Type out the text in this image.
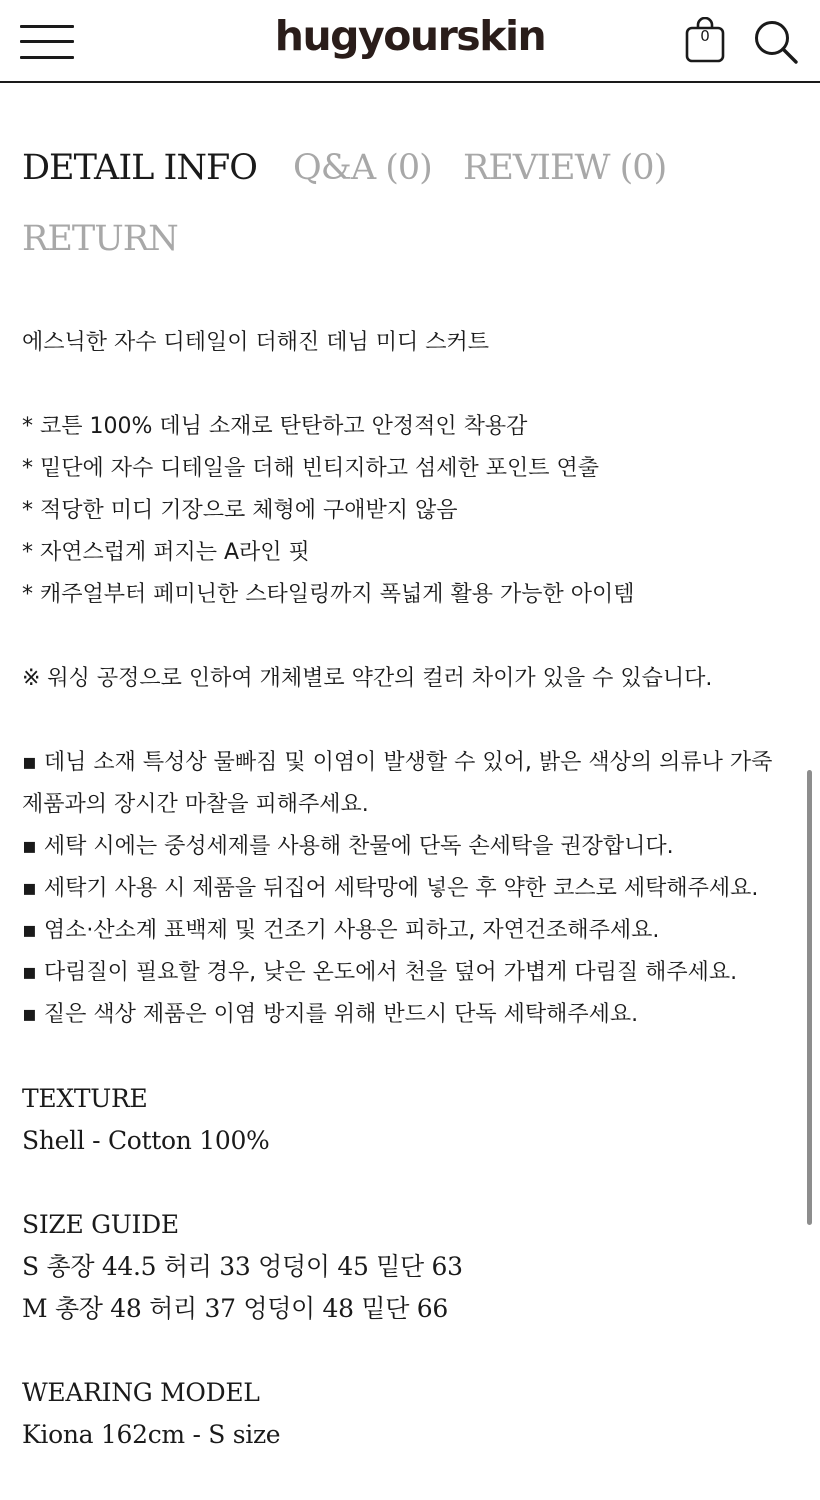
hugyourskin	0
DETAIL INFO Q&A (0) REVIEW (0)
RETURN
에스닉한 자수 디테일이 더해진 데님 미디 스커트
* 코튼 100% 데님 소재로 탄탄하고 안정적인 착용감
* 밑단에 자수 디테일을 더해 빈티지하고 섬세한 포인트 연출
* 적당한 미디 기장으로 체형에 구애받지 않음
* 자연스럽게 퍼지는 A라인 핏
* 캐주얼부터 페미닌한 스타일링까지 폭넓게 활용 가능한 아이템
※ 워싱 공정으로 인하여 개체별로 약간의 컬러 차이가 있을 수 있습니다.
▪ 데님 소재 특성상 물빠짐 및 이염이 발생할 수 있어, 밝은 색상의 의류나 가죽
제품과의 장시간 마찰을 피해주세요.
▪ 세탁 시에는 중성세제를 사용해 찬물에 단독 손세탁을 권장합니다.
▪ 세탁기 사용 시 제품을 뒤집어 세탁망에 넣은 후 약한 코스로 세탁해주세요.
▪ 염소·산소계 표백제 및 건조기 사용은 피하고, 자연건조해주세요.
▪ 다림질이 필요할 경우, 낮은 온도에서 천을 덮어 가볍게 다림질 해주세요.
▪ 짙은 색상 제품은 이염 방지를 위해 반드시 단독 세탁해주세요.
TEXTURE
Shell - Cotton 100%
SIZE GUIDE
S 총장 44.5 허리 33 엉덩이 45 밑단 63
M 총장 48 허리 37 엉덩이 48 밑단 66
WEARING MODEL
Kiona 162cm - S size
